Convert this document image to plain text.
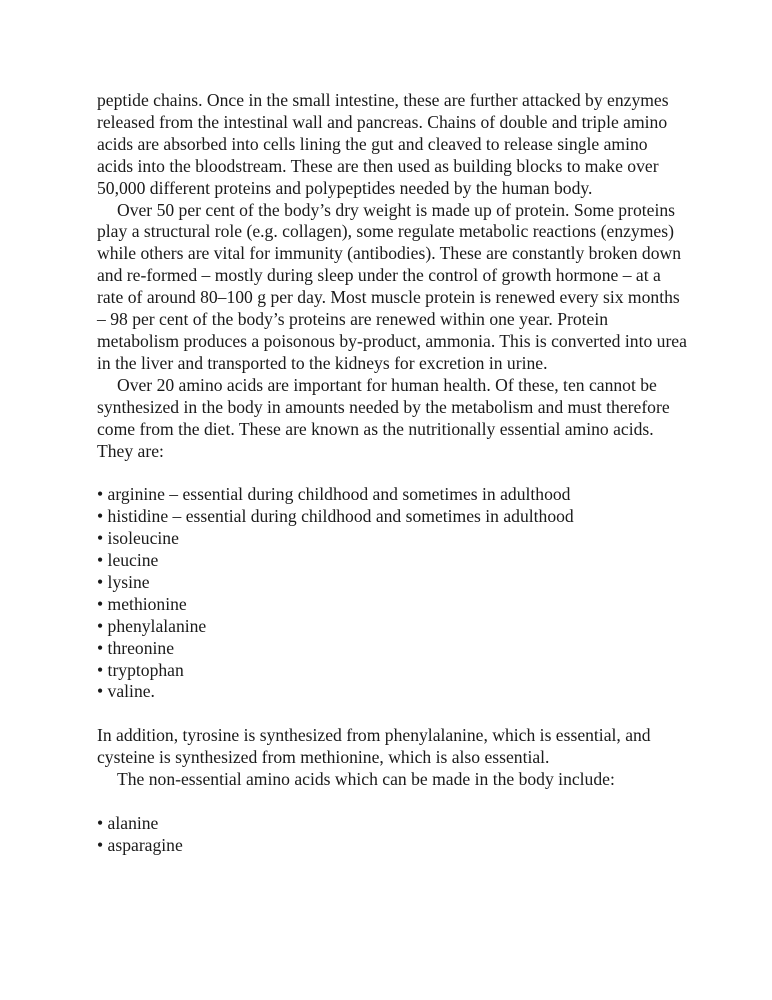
peptide chains. Once in the small intestine, these are further attacked by enzymes released from the intestinal wall and pancreas. Chains of double and triple amino acids are absorbed into cells lining the gut and cleaved to release single amino acids into the bloodstream. These are then used as building blocks to make over 50,000 different proteins and polypeptides needed by the human body.

Over 50 per cent of the body’s dry weight is made up of protein. Some proteins play a structural role (e.g. collagen), some regulate metabolic reactions (enzymes) while others are vital for immunity (antibodies). These are constantly broken down and re-formed – mostly during sleep under the control of growth hormone – at a rate of around 80–100 g per day. Most muscle protein is renewed every six months – 98 per cent of the body’s proteins are renewed within one year. Protein metabolism produces a poisonous by-product, ammonia. This is converted into urea in the liver and transported to the kidneys for excretion in urine.

Over 20 amino acids are important for human health. Of these, ten cannot be synthesized in the body in amounts needed by the metabolism and must therefore come from the diet. These are known as the nutritionally essential amino acids. They are:

• arginine – essential during childhood and sometimes in adulthood
• histidine – essential during childhood and sometimes in adulthood
• isoleucine
• leucine
• lysine
• methionine
• phenylalanine
• threonine
• tryptophan
• valine.

In addition, tyrosine is synthesized from phenylalanine, which is essential, and cysteine is synthesized from methionine, which is also essential.

The non-essential amino acids which can be made in the body include:

• alanine
• asparagine
